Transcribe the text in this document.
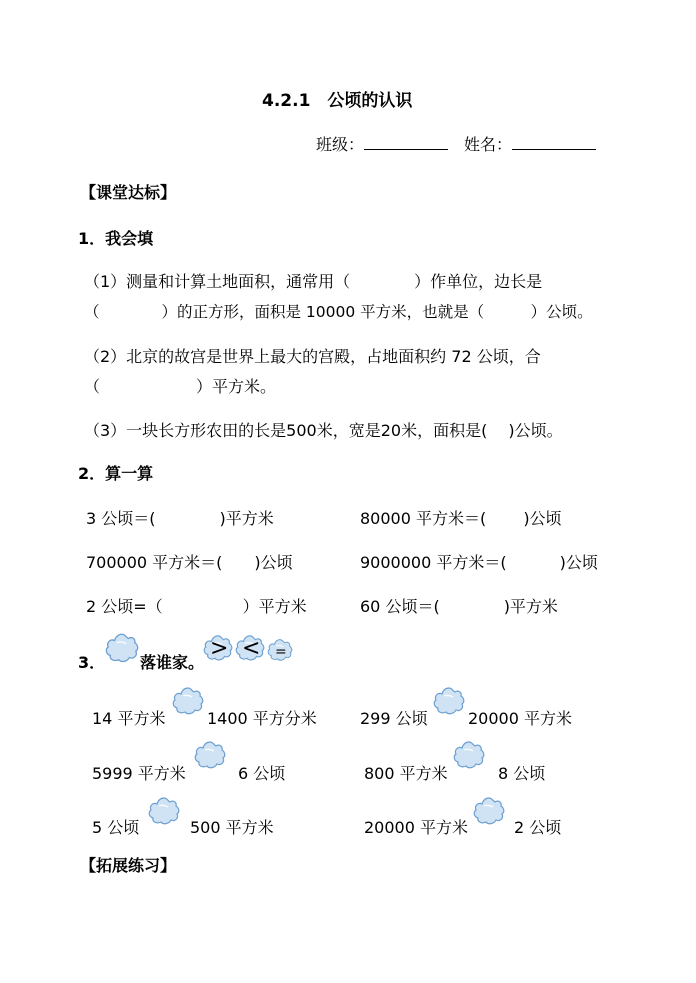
4.2.1　公顷的认识
班级：	姓名：
【课堂达标】
1．我会填
（1）测量和计算土地面积，通常用（　　　　）作单位，边长是
（　　　　）的正方形，面积是 10000 平方米，也就是（　　　）公顷。
（2）北京的故宫是世界上最大的宫殿，占地面积约 72 公顷，合
（　　　　　　）平方米。
（3）一块长方形农田的长是500米，宽是20米，面积是(　 )公顷。
2．算一算
3 公顷＝(　　　　)平方米	80000 平方米＝(　　 )公顷
700000 平方米＝(　　)公顷	9000000 平方米＝(　　　 )公顷
2 公顷=（　　　　　）平方米	60 公顷＝(　　　　)平方米
3． 落谁家。
> < =
14 平方米	1400 平方分米	299 公顷	20000 平方米
5999 平方米	6 公顷	800 平方米	8 公顷
5 公顷	500 平方米	20000 平方米	2 公顷
【拓展练习】
